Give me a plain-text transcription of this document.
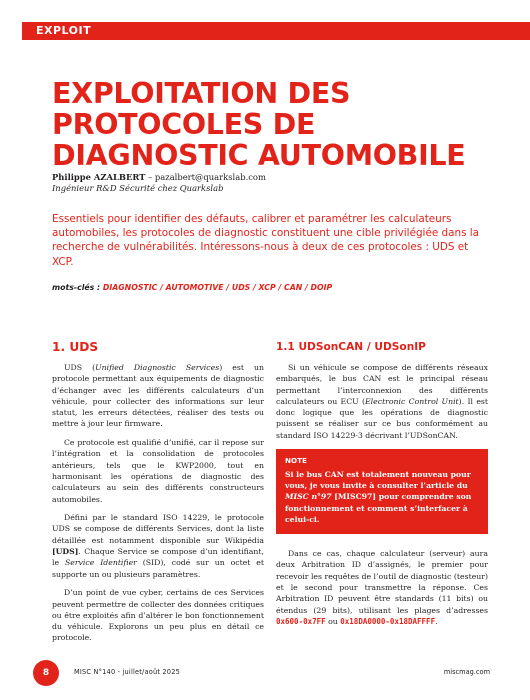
EXPLOIT
EXPLOITATION DES PROTOCOLES DE DIAGNOSTIC AUTOMOBILE
Philippe AZALBERT – pazalbert@quarkslab.com
Ingénieur R&D Sécurité chez Quarkslab

Essentiels pour identifier des défauts, calibrer et paramétrer les calculateurs automobiles, les protocoles de diagnostic constituent une cible privilégiée dans la recherche de vulnérabilités. Intéressons-nous à deux de ces protocoles : UDS et XCP.

mots-clés : DIAGNOSTIC / AUTOMOTIVE / UDS / XCP / CAN / DOIP
1. UDS

UDS (Unified Diagnostic Services) est un protocole permettant aux équipements de diagnostic d’échanger avec les différents calculateurs d’un véhicule, pour collecter des informations sur leur statut, les erreurs détectées, réaliser des tests ou mettre à jour leur firmware.

Ce protocole est qualifié d’unifié, car il repose sur l’intégration et la consolidation de protocoles antérieurs, tels que le KWP2000, tout en harmonisant les opérations de diagnostic des calculateurs au sein des différents constructeurs automobiles.

Défini par le standard ISO 14229, le protocole UDS se compose de différents Services, dont la liste détaillée est notamment disponible sur Wikipédia [UDS]. Chaque Service se compose d’un identifiant, le Service Identifier (SID), codé sur un octet et supporte un ou plusieurs paramètres.

D’un point de vue cyber, certains de ces Services peuvent permettre de collecter des données critiques ou être exploités afin d’altérer le bon fonctionnement du véhicule. Explorons un peu plus en détail ce protocole.

1.1 UDSonCAN / UDSonIP

Si un véhicule se compose de différents réseaux embarqués, le bus CAN est le principal réseau permettant l’interconnexion des différents calculateurs ou ECU (Electronic Control Unit). Il est donc logique que les opérations de diagnostic puissent se réaliser sur ce bus conformément au standard ISO 14229-3 décrivant l’UDSonCAN.

NOTE
Si le bus CAN est totalement nouveau pour vous, je vous invite à consulter l’article du MISC n°97 [MISC97] pour comprendre son fonctionnement et comment s’interfacer à celui-ci.

Dans ce cas, chaque calculateur (serveur) aura deux Arbitration ID d’assignés, le premier pour recevoir les requêtes de l’outil de diagnostic (testeur) et le second pour transmettre la réponse. Ces Arbitration ID peuvent être standards (11 bits) ou étendus (29 bits), utilisant les plages d’adresses 0x600-0x7FF ou 0x18DA0000-0x18DAFFFF.

8	MISC N°140 - juillet/août 2025	miscmag.com
